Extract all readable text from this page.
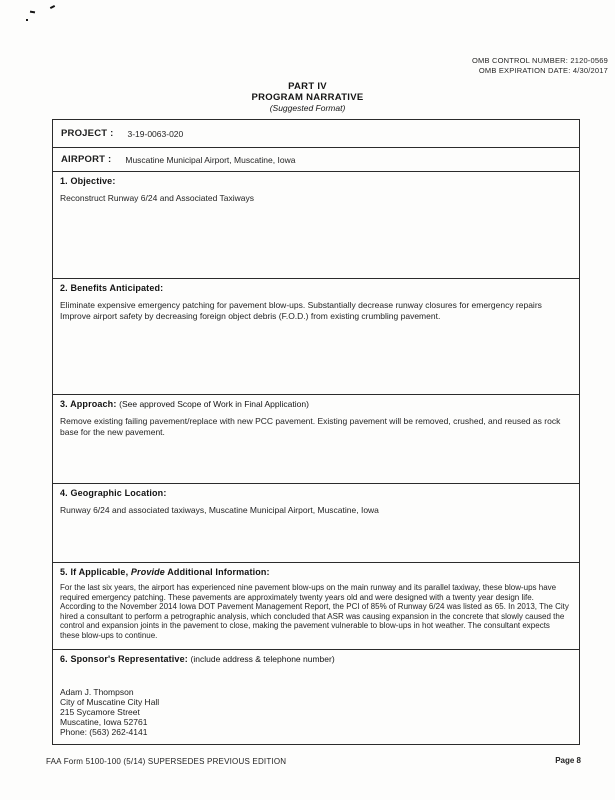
OMB CONTROL NUMBER: 2120-0569
OMB EXPIRATION DATE: 4/30/2017
PART IV
PROGRAM NARRATIVE
(Suggested Format)
PROJECT : 3-19-0063-020
AIRPORT : Muscatine Municipal Airport, Muscatine, Iowa
1. Objective:
Reconstruct Runway 6/24 and Associated Taxiways
2. Benefits Anticipated:
Eliminate expensive emergency patching for pavement blow-ups. Substantially decrease runway closures for emergency repairs
Improve airport safety by decreasing foreign object debris (F.O.D.) from existing crumbling pavement.
3. Approach: (See approved Scope of Work in Final Application)
Remove existing failing pavement/replace with new PCC pavement. Existing pavement will be removed, crushed, and reused as rock base for the new pavement.
4. Geographic Location:
Runway 6/24 and associated taxiways, Muscatine Municipal Airport, Muscatine, Iowa
5. If Applicable, Provide Additional Information:
For the last six years, the airport has experienced nine pavement blow-ups on the main runway and its parallel taxiway, these blow-ups have required emergency patching. These pavements are approximately twenty years old and were designed with a twenty year design life. According to the November 2014 Iowa DOT Pavement Management Report, the PCI of 85% of Runway 6/24 was listed as 65. In 2013, The City hired a consultant to perform a petrographic analysis, which concluded that ASR was causing expansion in the concrete that slowly caused the control and expansion joints in the pavement to close, making the pavement vulnerable to blow-ups in hot weather. The consultant expects these blow-ups to continue.
6. Sponsor's Representative: (include address & telephone number)
Adam J. Thompson
City of Muscatine City Hall
215 Sycamore Street
Muscatine, Iowa 52761
Phone: (563) 262-4141
FAA Form 5100-100 (5/14) SUPERSEDES PREVIOUS EDITION	Page 8
